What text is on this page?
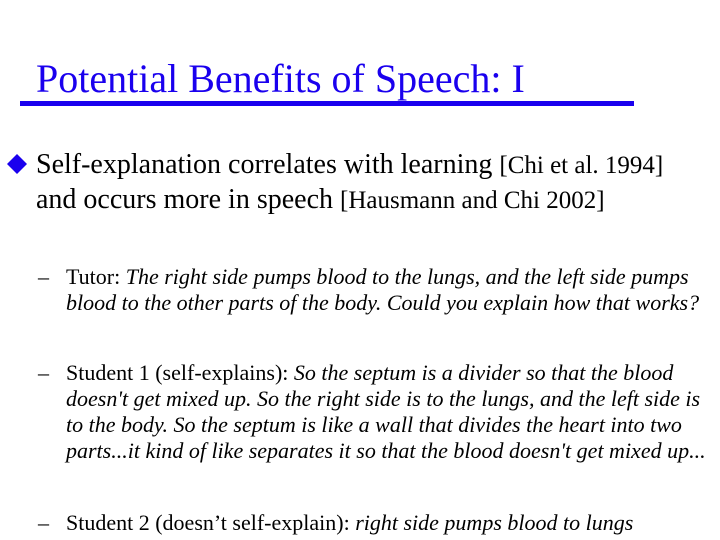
Potential Benefits of Speech: I
Self-explanation correlates with learning [Chi et al. 1994] and occurs more in speech [Hausmann and Chi 2002]
– Tutor: The right side pumps blood to the lungs, and the left side pumps blood to the other parts of the body. Could you explain how that works?
– Student 1 (self-explains): So the septum is a divider so that the blood doesn't get mixed up. So the right side is to the lungs, and the left side is to the body. So the septum is like a wall that divides the heart into two parts...it kind of like separates it so that the blood doesn't get mixed up...
– Student 2 (doesn’t self-explain): right side pumps blood to lungs
